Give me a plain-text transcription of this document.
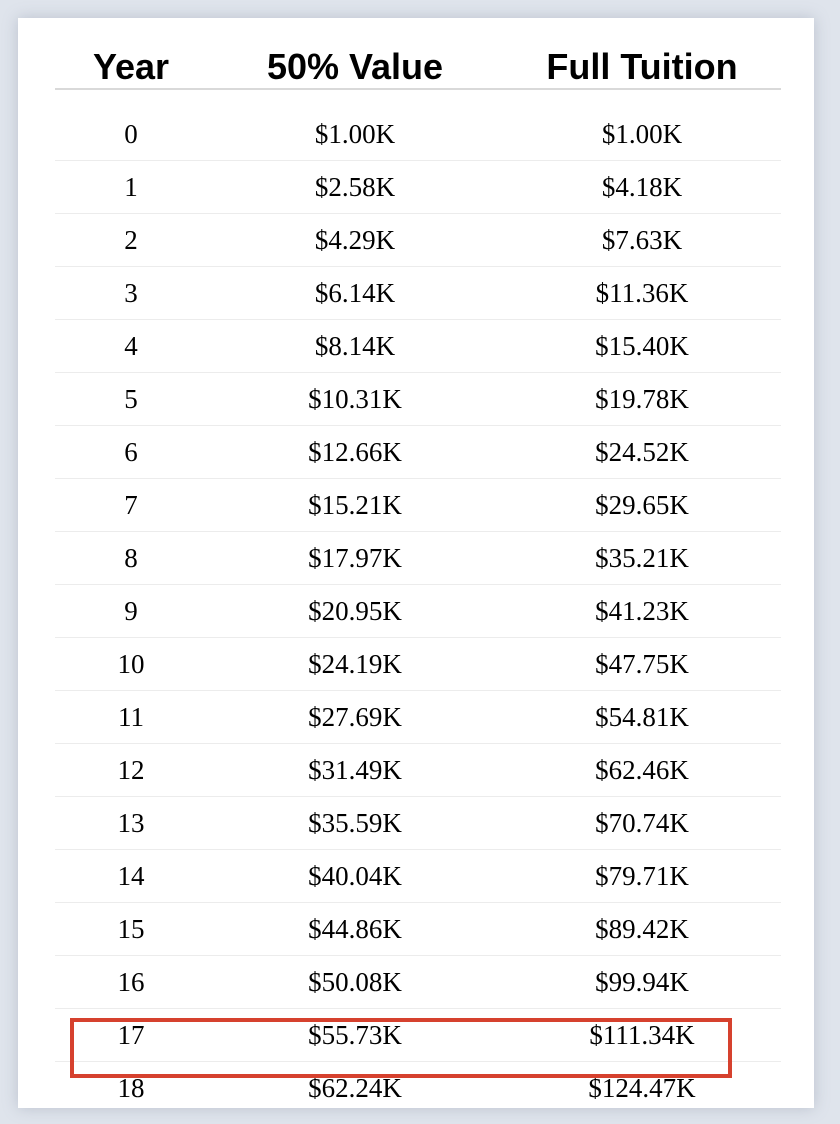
Year	50% Value	Full Tuition
0	$1.00K	$1.00K
1	$2.58K	$4.18K
2	$4.29K	$7.63K
3	$6.14K	$11.36K
4	$8.14K	$15.40K
5	$10.31K	$19.78K
6	$12.66K	$24.52K
7	$15.21K	$29.65K
8	$17.97K	$35.21K
9	$20.95K	$41.23K
10	$24.19K	$47.75K
11	$27.69K	$54.81K
12	$31.49K	$62.46K
13	$35.59K	$70.74K
14	$40.04K	$79.71K
15	$44.86K	$89.42K
16	$50.08K	$99.94K
17	$55.73K	$111.34K
18	$62.24K	$124.47K
